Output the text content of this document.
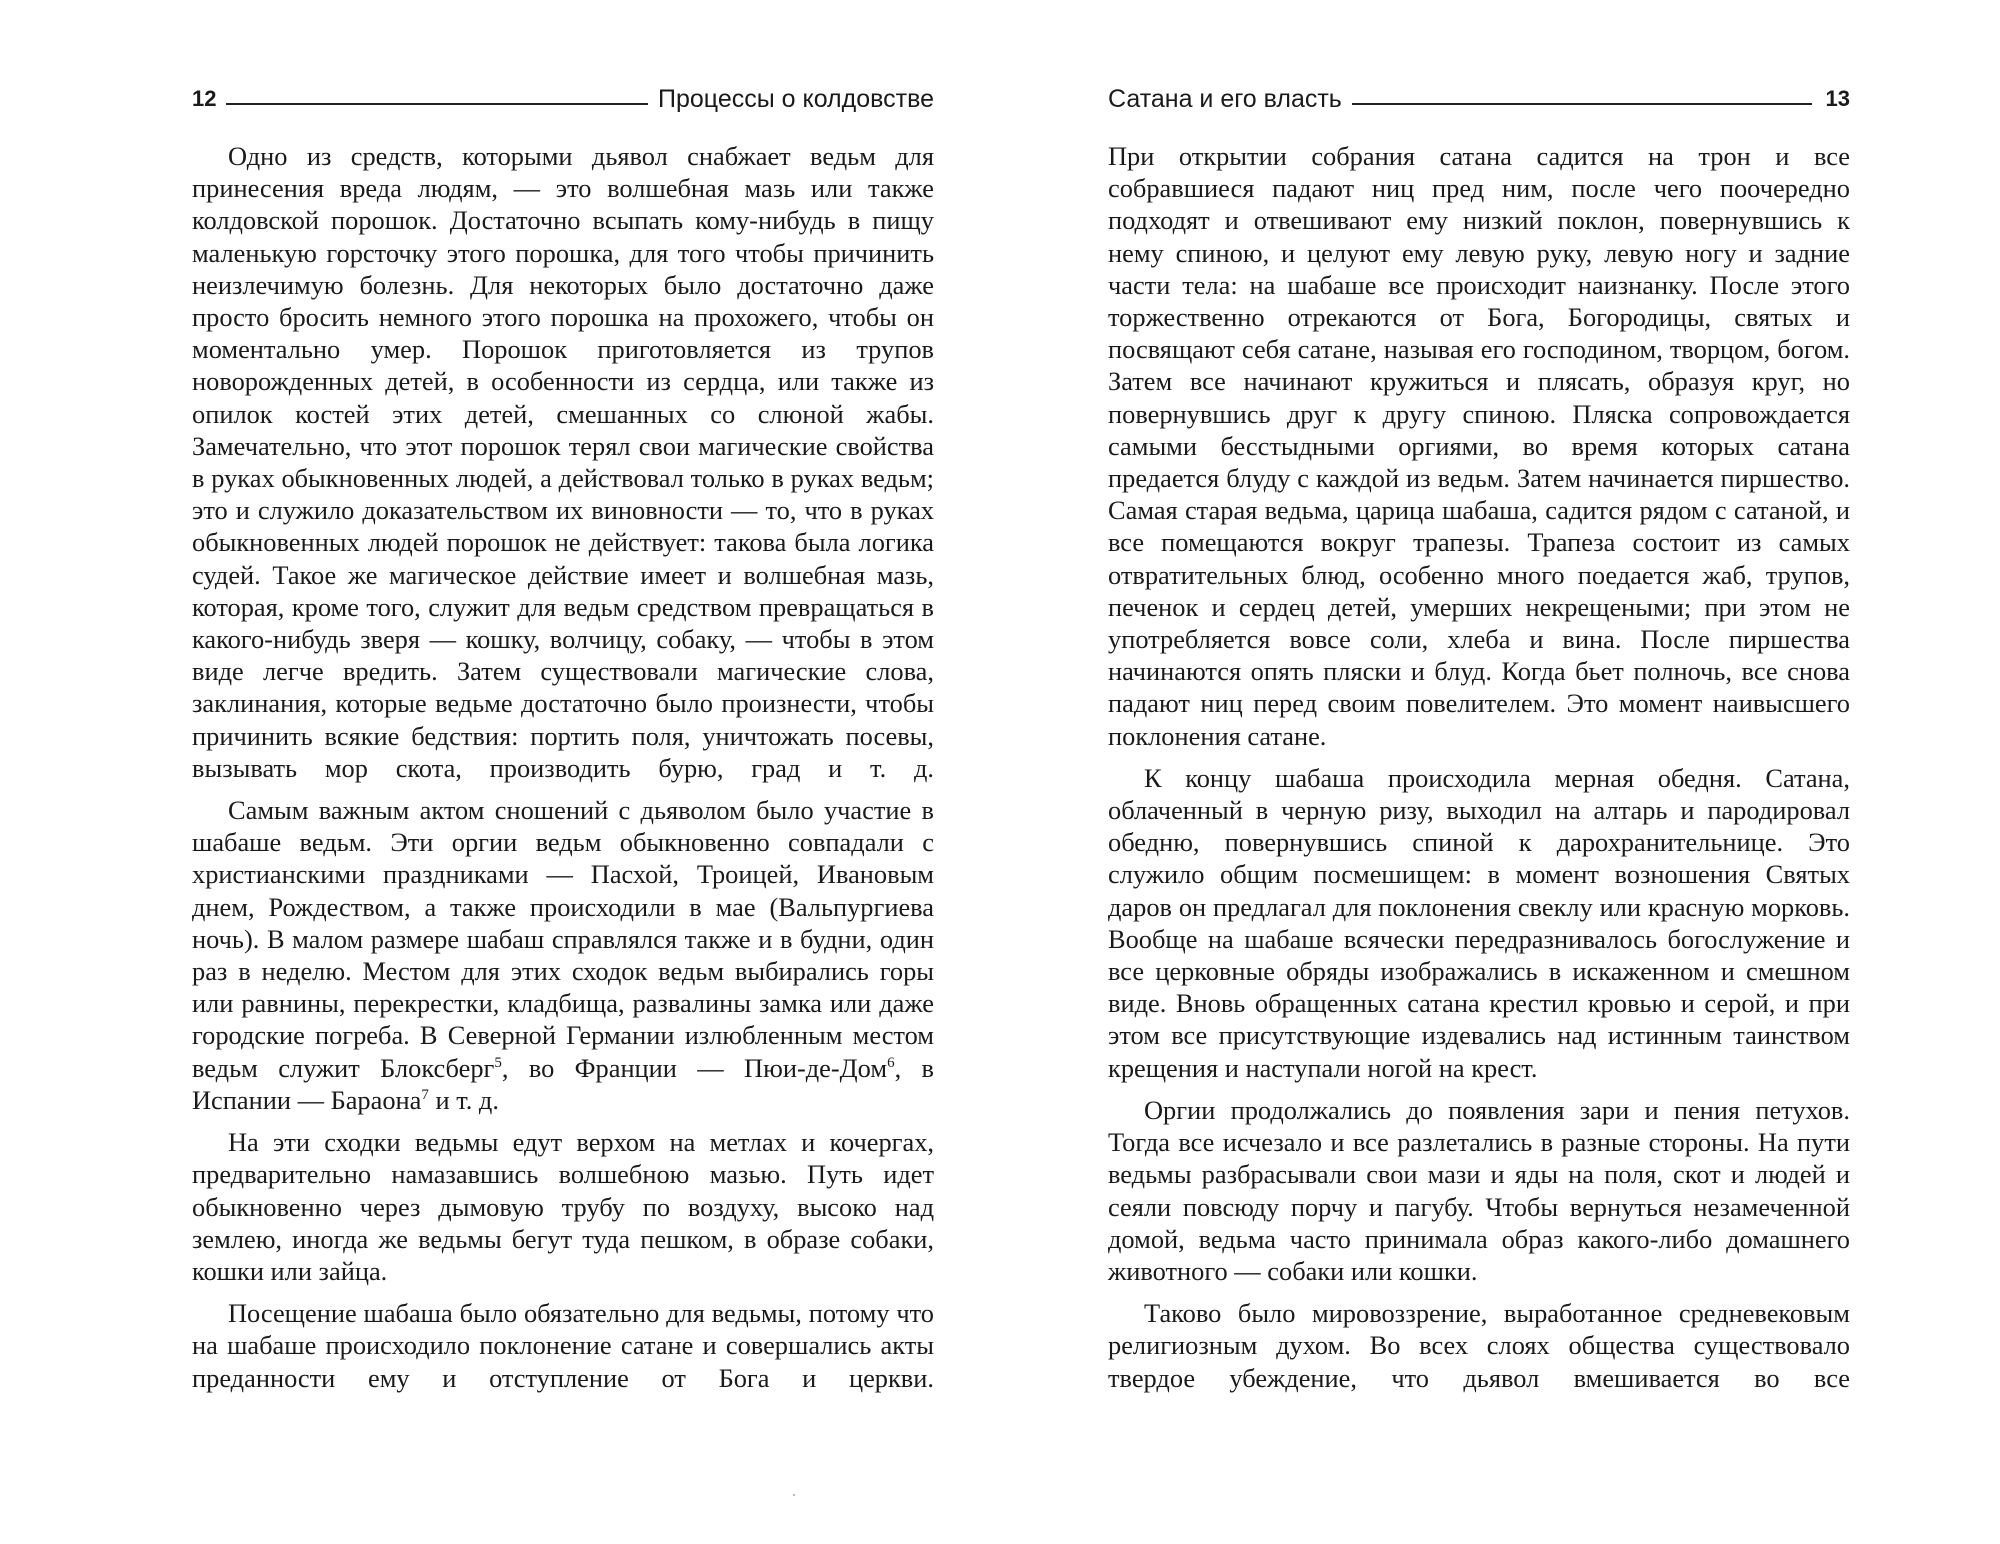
12	Процессы о колдовстве

Одно из средств, которыми дьявол снабжает ведьм для принесения вреда людям, — это волшебная мазь или также колдовской порошок. Достаточно всыпать кому-нибудь в пищу маленькую горсточку этого порошка, для того чтобы причинить неизлечимую болезнь. Для некоторых было достаточно даже просто бросить немного этого порошка на прохожего, чтобы он моментально умер. Порошок приготовляется из трупов новорожденных детей, в особенности из сердца, или также из опилок костей этих детей, смешанных со слюной жабы. Замечательно, что этот порошок терял свои магические свойства в руках обыкновенных людей, а действовал только в руках ведьм; это и служило доказательством их виновности — то, что в руках обыкновенных людей порошок не действует: такова была логика судей. Такое же магическое действие имеет и волшебная мазь, которая, кроме того, служит для ведьм средством превращаться в какого-нибудь зверя — кошку, волчицу, собаку, — чтобы в этом виде легче вредить. Затем существовали магические слова, заклинания, которые ведьме достаточно было произнести, чтобы причинить всякие бедствия: портить поля, уничтожать посевы, вызывать мор скота, производить бурю, град и т. д.

Самым важным актом сношений с дьяволом было участие в шабаше ведьм. Эти оргии ведьм обыкновенно совпадали с христианскими праздниками — Пасхой, Троицей, Ивановым днем, Рождеством, а также происходили в мае (Вальпургиева ночь). В малом размере шабаш справлялся также и в будни, один раз в неделю. Местом для этих сходок ведьм выбирались горы или равнины, перекрестки, кладбища, развалины замка или даже городские погреба. В Северной Германии излюбленным местом ведьм служит Блоксберг$^5$, во Франции — Пюи-де-Дом$^6$, в Испании — Бараона$^7$ и т. д.

На эти сходки ведьмы едут верхом на метлах и кочергах, предварительно намазавшись волшебною мазью. Путь идет обыкновенно через дымовую трубу по воздуху, высоко над землею, иногда же ведьмы бегут туда пешком, в образе собаки, кошки или зайца.

Посещение шабаша было обязательно для ведьмы, потому что на шабаше происходило поклонение сатане и совершались акты преданности ему и отступление от Бога и церкви.

Сатана и его власть	13

При открытии собрания сатана садится на трон и все собравшиеся падают ниц пред ним, после чего поочередно подходят и отвешивают ему низкий поклон, повернувшись к нему спиною, и целуют ему левую руку, левую ногу и задние части тела: на шабаше все происходит наизнанку. После этого торжественно отрекаются от Бога, Богородицы, святых и посвящают себя сатане, называя его господином, творцом, богом. Затем все начинают кружиться и плясать, образуя круг, но повернувшись друг к другу спиною. Пляска сопровождается самыми бесстыдными оргиями, во время которых сатана предается блуду с каждой из ведьм. Затем начинается пиршество. Самая старая ведьма, царица шабаша, садится рядом с сатаной, и все помещаются вокруг трапезы. Трапеза состоит из самых отвратительных блюд, особенно много поедается жаб, трупов, печенок и сердец детей, умерших некрещеными; при этом не употребляется вовсе соли, хлеба и вина. После пиршества начинаются опять пляски и блуд. Когда бьет полночь, все снова падают ниц перед своим повелителем. Это момент наивысшего поклонения сатане.

К концу шабаша происходила мерная обедня. Сатана, облаченный в черную ризу, выходил на алтарь и пародировал обедню, повернувшись спиной к дарохранительнице. Это служило общим посмешищем: в момент возношения Святых даров он предлагал для поклонения свеклу или красную морковь. Вообще на шабаше всячески передразнивалось богослужение и все церковные обряды изображались в искаженном и смешном виде. Вновь обращенных сатана крестил кровью и серой, и при этом все присутствующие издевались над истинным таинством крещения и наступали ногой на крест.

Оргии продолжались до появления зари и пения петухов. Тогда все исчезало и все разлетались в разные стороны. На пути ведьмы разбрасывали свои мази и яды на поля, скот и людей и сеяли повсюду порчу и пагубу. Чтобы вернуться незамеченной домой, ведьма часто принимала образ какого-либо домашнего животного — собаки или кошки.

Таково было мировоззрение, выработанное средневековым религиозным духом. Во всех слоях общества существовало твердое убеждение, что дьявол вмешивается во все
